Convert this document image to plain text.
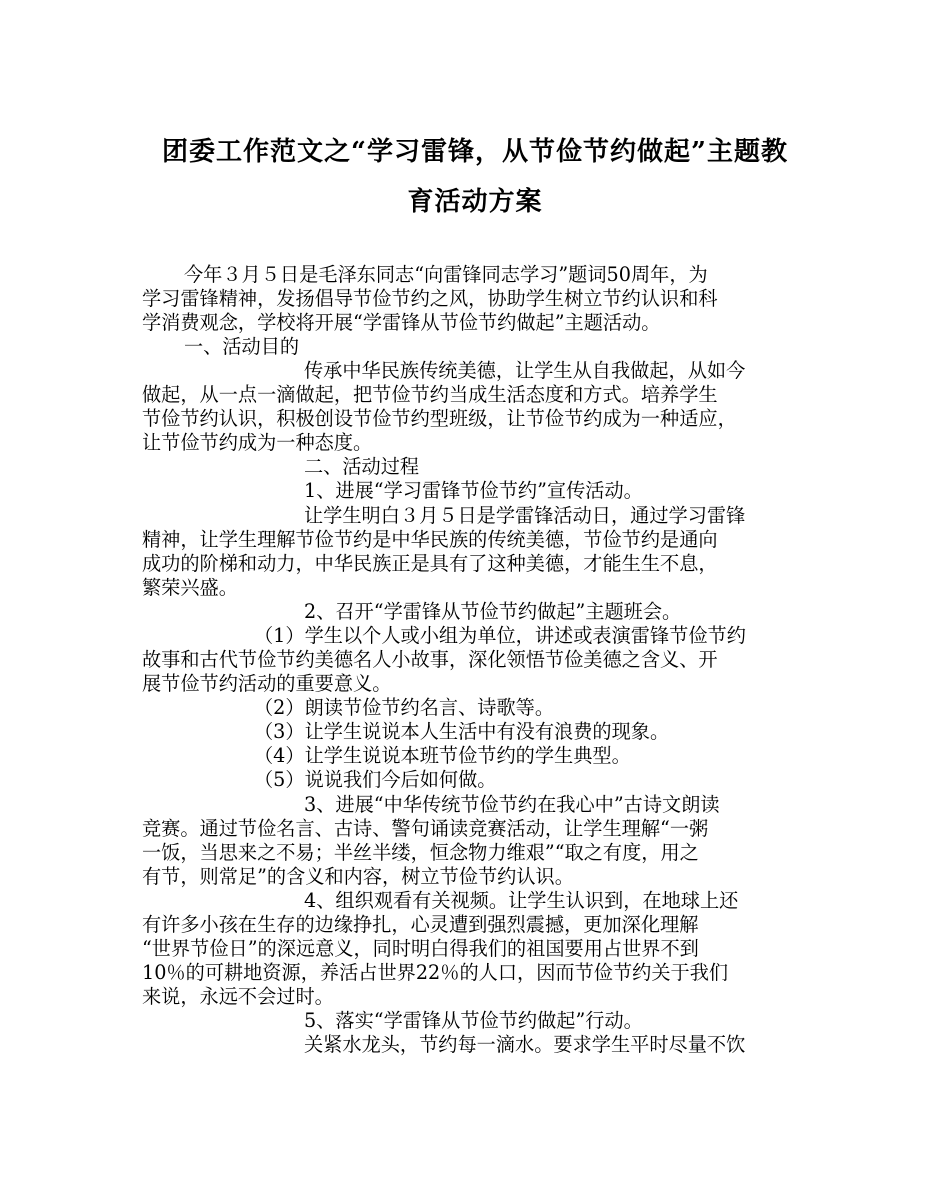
团委工作范文之“学习雷锋，从节俭节约做起”主题教
育活动方案
今年３月５日是毛泽东同志“向雷锋同志学习”题词50周年，为
学习雷锋精神，发扬倡导节俭节约之风，协助学生树立节约认识和科
学消费观念，学校将开展“学雷锋从节俭节约做起”主题活动。
一、活动目的
传承中华民族传统美德，让学生从自我做起，从如今
做起，从一点一滴做起，把节俭节约当成生活态度和方式。培养学生
节俭节约认识，积极创设节俭节约型班级，让节俭节约成为一种适应，
让节俭节约成为一种态度。
二、活动过程
1、进展“学习雷锋节俭节约”宣传活动。
让学生明白３月５日是学雷锋活动日，通过学习雷锋
精神，让学生理解节俭节约是中华民族的传统美德，节俭节约是通向
成功的阶梯和动力，中华民族正是具有了这种美德，才能生生不息，
繁荣兴盛。
2、召开“学雷锋从节俭节约做起”主题班会。
（1）学生以个人或小组为单位，讲述或表演雷锋节俭节约
故事和古代节俭节约美德名人小故事，深化领悟节俭美德之含义、开
展节俭节约活动的重要意义。
（2）朗读节俭节约名言、诗歌等。
（3）让学生说说本人生活中有没有浪费的现象。
（4）让学生说说本班节俭节约的学生典型。
（5）说说我们今后如何做。
3、进展“中华传统节俭节约在我心中”古诗文朗读
竞赛。通过节俭名言、古诗、警句诵读竞赛活动，让学生理解“一粥
一饭，当思来之不易；半丝半缕，恒念物力维艰”“取之有度，用之
有节，则常足”的含义和内容，树立节俭节约认识。
4、组织观看有关视频。让学生认识到，在地球上还
有许多小孩在生存的边缘挣扎，心灵遭到强烈震撼，更加深化理解
“世界节俭日”的深远意义，同时明白得我们的祖国要用占世界不到
10％的可耕地资源，养活占世界22％的人口，因而节俭节约关于我们
来说，永远不会过时。
5、落实“学雷锋从节俭节约做起”行动。
关紧水龙头，节约每一滴水。要求学生平时尽量不饮
